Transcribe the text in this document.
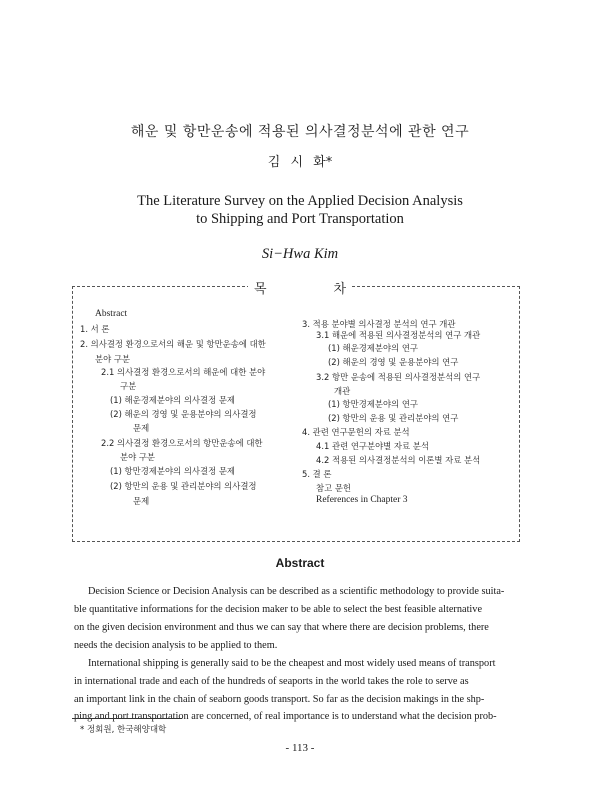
해운 및 항만운송에 적용된 의사결정분석에 관한 연구
김 시 화*
The Literature Survey on the Applied Decision Analysis
to Shipping and Port Transportation
Si−Hwa Kim
목	차
Abstract
1. 서 론
2. 의사결정 환경으로서의 해운 및 항만운송에 대한
분야 구분
2.1 의사결정 환경으로서의 해운에 대한 분야
구분
(1) 해운경제분야의 의사결정 문제
(2) 해운의 경영 및 운용분야의 의사결정
문제
2.2 의사결정 환경으로서의 항만운송에 대한
분야 구분
(1) 항만경제분야의 의사결정 문제
(2) 항만의 운용 및 관리분야의 의사결정
문제
3. 적용 분야별 의사결정 분석의 연구 개관
3.1 해운에 적용된 의사결정분석의 연구 개관
(1) 해운경제분야의 연구
(2) 해운의 경영 및 운용분야의 연구
3.2 항만 운송에 적용된 의사결정분석의 연구
개관
(1) 항만경제분야의 연구
(2) 항만의 운용 및 관리분야의 연구
4. 관련 연구문헌의 자료 분석
4.1 관련 연구분야별 자료 분석
4.2 적용된 의사결정분석의 이론별 자료 분석
5. 결 론
참고 문헌
References in Chapter 3
Abstract
Decision Science or Decision Analysis can be described as a scientific methodology to provide suita-
ble quantitative informations for the decision maker to be able to select the best feasible alternative
on the given decision environment and thus we can say that where there are decision problems, there
needs the decision analysis to be applied to them.
International shipping is generally said to be the cheapest and most widely used means of transport
in international trade and each of the hundreds of seaports in the world takes the role to serve as
an important link in the chain of seaborn goods transport. So far as the decision makings in the shp-
ping and port transportation are concerned, of real importance is to understand what the decision prob-
* 정회원, 한국해양대학
- 113 -
